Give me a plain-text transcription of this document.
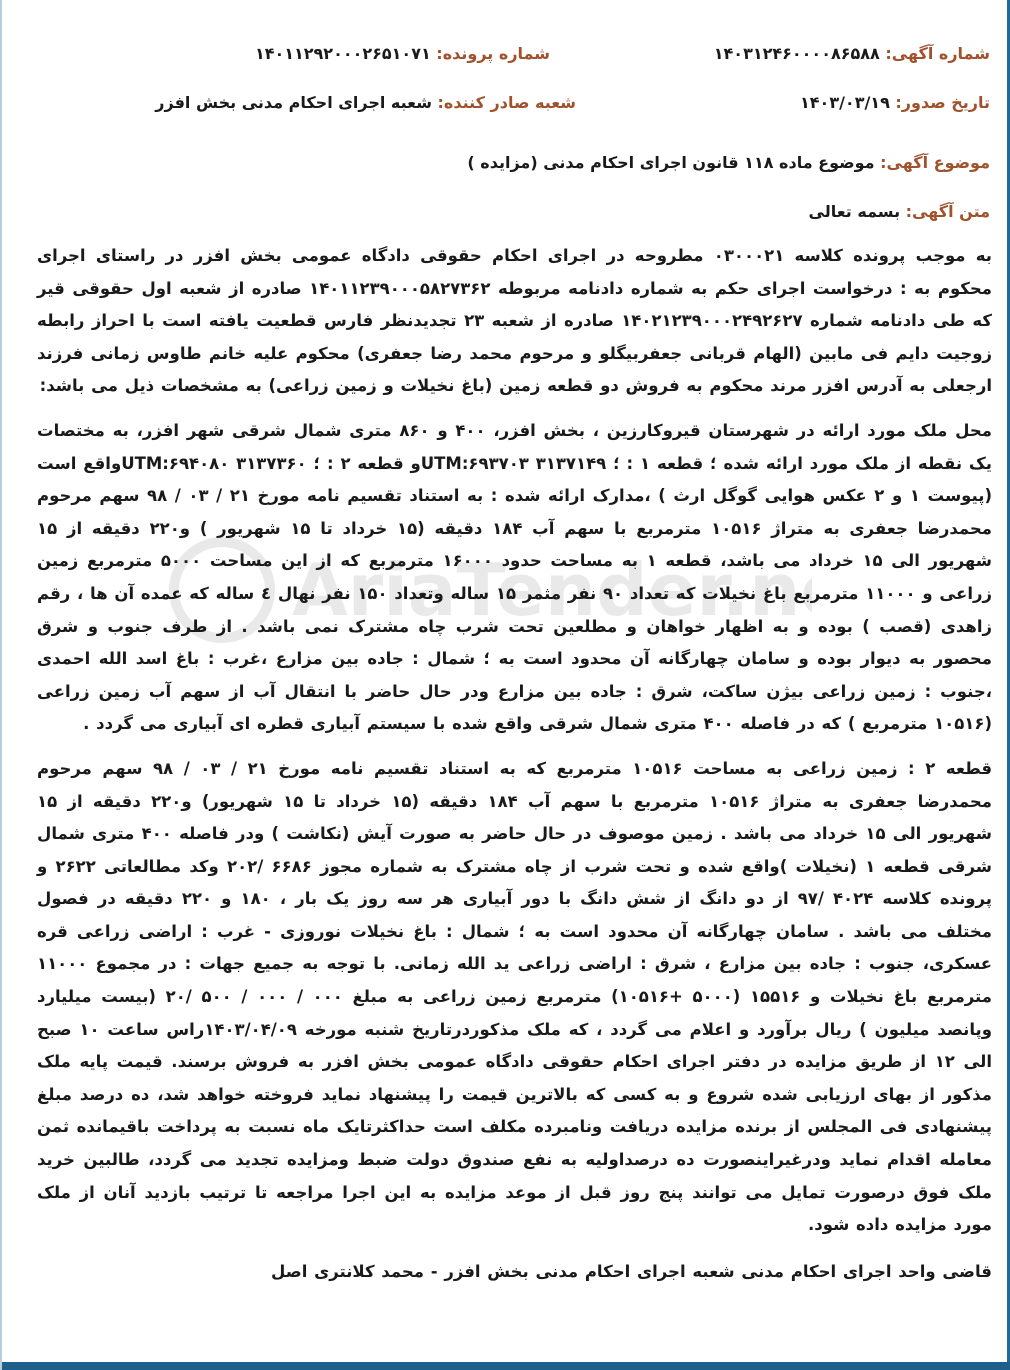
شماره آگهی: ۱۴۰۳۱۲۴۶۰۰۰۰۸۶۵۸۸
شماره پرونده: ۱۴۰۱۱۲۹۲۰۰۰۲۶۵۱۰۷۱
تاریخ صدور: ۱۴۰۳/۰۳/۱۹
شعبه صادر کننده: شعبه اجرای احکام مدنی بخش افزر
موضوع آگهی: موضوع ماده ۱۱۸ قانون اجرای احکام مدنی (مزایده )
متن آگهی: بسمه تعالی
AriaTender.n

به موجب پرونده کلاسه ۰۳۰۰۰۲۱ مطروحه در اجرای احکام حقوقی دادگاه عمومی بخش افزر در راستای اجرای محکوم به : درخواست اجرای حکم به شماره دادنامه مربوطه ۱۴۰۱۱۲۳۹۰۰۰۵۸۲۷۳۶۲ صادره از شعبه اول حقوقی قیر که طی دادنامه شماره ۱۴۰۲۱۲۳۹۰۰۰۲۴۹۲۶۲۷ صادره از شعبه ۲۳ تجدیدنظر فارس قطعیت یافته است با احراز رابطه زوجیت دایم فی مابین (الهام قربانی جعفربیگلو و مرحوم محمد رضا جعفری) محکوم علیه خانم طاوس زمانی فرزند ارجعلی به آدرس افزر مرند محکوم به فروش دو قطعه زمین (باغ نخیلات و زمین زراعی) به مشخصات ذیل می باشد:

محل ملک مورد ارائه در شهرستان قیروکارزین ، بخش افزر، ۴۰۰ و ۸۶۰ متری شمال شرقی شهر افزر، به مختصات یک نقطه از ملک مورد ارائه شده ؛ قطعه ۱ : ؛ UTM:۶۹۳۷۰۳ ۳۱۳۷۱۴۹و قطعه ۲ : ؛ UTM:۶۹۴۰۸۰ ۳۱۳۷۳۶۰واقع است (پیوست ۱ و ۲ عکس هوایی گوگل ارث ) ،مدارک ارائه شده : به استناد تقسیم نامه مورخ ۲۱ / ۰۳ / ۹۸ سهم مرحوم محمدرضا جعفری به متراژ ۱۰۵۱۶ مترمربع با سهم آب ۱۸۴ دقیقه (۱۵ خرداد تا ۱۵ شهریور ) و۲۲۰ دقیقه از ۱۵ شهریور الی ۱۵ خرداد می باشد، قطعه ۱ به مساحت حدود ۱۶۰۰۰ مترمربع که از این مساحت ۵۰۰۰ مترمربع زمین زراعی و ۱۱۰۰۰ مترمربع باغ نخیلات که تعداد ۹۰ نفر مثمر ۱۵ ساله وتعداد ۱۵۰ نفر نهال ٤ ساله که عمده آن ها ، رقم زاهدی (قصب ) بوده و به اظهار خواهان و مطلعین تحت شرب چاه مشترک نمی باشد . از طرف جنوب و شرق محصور به دیوار بوده و سامان چهارگانه آن محدود است به ؛ شمال : جاده بین مزارع ،غرب : باغ اسد الله احمدی ،جنوب : زمین زراعی بیژن ساکت، شرق : جاده بین مزارع ودر حال حاضر با انتقال آب از سهم آب زمین زراعی (۱۰۵۱۶ مترمربع ) که در فاصله ۴۰۰ متری شمال شرقی واقع شده با سیستم آبیاری قطره ای آبیاری می گردد .

قطعه ۲ : زمین زراعی به مساحت ۱۰۵۱۶ مترمربع که به استناد تقسیم نامه مورخ ۲۱ / ۰۳ / ۹۸ سهم مرحوم محمدرضا جعفری به متراژ ۱۰۵۱۶ مترمربع با سهم آب ۱۸۴ دقیقه (۱۵ خرداد تا ۱۵ شهریور) و۲۲۰ دقیقه از ۱۵ شهریور الی ۱۵ خرداد می باشد . زمین موصوف در حال حاضر به صورت آیش (نکاشت ) ودر فاصله ۴۰۰ متری شمال شرقی قطعه ۱ (نخیلات )واقع شده و تحت شرب از چاه مشترک به شماره مجوز ۶۶۸۶ /۲۰۲ وکد مطالعاتی ۲۶۲۲ و پرونده کلاسه ۴۰۲۴ /۹۷ از دو دانگ از شش دانگ با دور آبیاری هر سه روز یک بار ، ۱۸۰ و ۲۲۰ دقیقه در فصول مختلف می باشد . سامان چهارگانه آن محدود است به ؛ شمال : باغ نخیلات نوروزی - غرب : اراضی زراعی قره عسکری، جنوب : جاده بین مزارع ، شرق : اراضی زراعی ید الله زمانی. با توجه به جمیع جهات : در مجموع ۱۱۰۰۰ مترمربع باغ نخیلات و ۱۵۵۱۶ (۵۰۰۰ +۱۰۵۱۶) مترمربع زمین زراعی به مبلغ ۰۰۰ / ۰۰۰ / ۵۰۰ /۲۰ (بیست میلیارد وپانصد میلیون ) ریال برآورد و اعلام می گردد ، که ملک مذکوردرتاریخ شنبه مورخه ۱۴۰۳/۰۴/۰۹راس ساعت ۱۰ صبح الی ۱۲ از طریق مزایده در دفتر اجرای احکام حقوقی دادگاه عمومی بخش افزر به فروش برسند. قیمت پایه ملک مذکور از بهای ارزیابی شده شروع و به کسی که بالاترین قیمت را پیشنهاد نماید فروخته خواهد شد، ده درصد مبلغ پیشنهادی فی المجلس از برنده مزایده دریافت ونامبرده مکلف است حداکثرتایک ماه نسبت به پرداخت باقیمانده ثمن معامله اقدام نماید ودرغیراینصورت ده درصداولیه به نفع صندوق دولت ضبط ومزایده تجدید می گردد، طالبین خرید ملک فوق درصورت تمایل می توانند پنج روز قبل از موعد مزایده به این اجرا مراجعه تا ترتیب بازدید آنان از ملک مورد مزایده داده شود.

قاضی واحد اجرای احکام مدنی شعبه اجرای احکام مدنی بخش افزر - محمد کلانتری اصل
